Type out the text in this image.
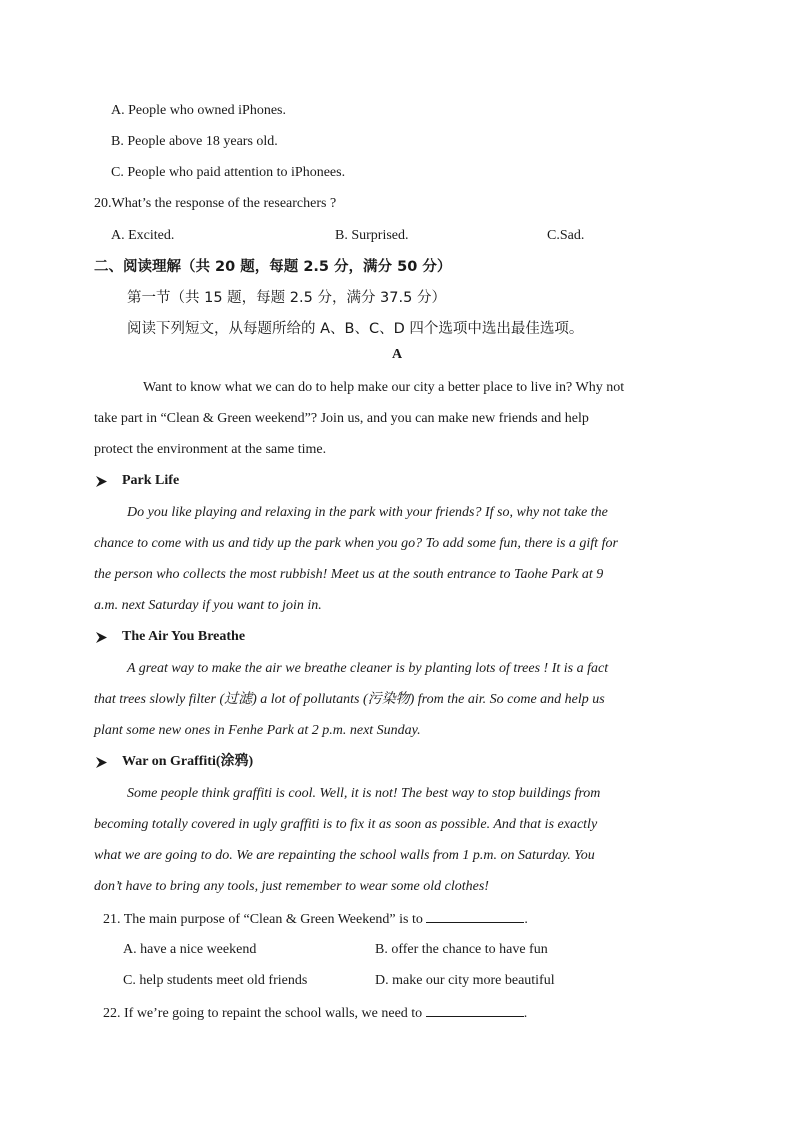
A. People who owned iPhones.
B. People above 18 years old.
C. People who paid attention to iPhonees.
20.What’s the response of the researchers ?
A. Excited.	B. Surprised.	C.Sad.
二、阅读理解（共 20 题，每题 2.5 分，满分 50 分）
第一节（共 15 题，每题 2.5 分，满分 37.5 分）
阅读下列短文，从每题所给的 A、B、C、D 四个选项中选出最佳选项。
A
Want to know what we can do to help make our city a better place to live in? Why not
take part in “Clean & Green weekend”? Join us, and you can make new friends and help
protect the environment at the same time.
Park Life
Do you like playing and relaxing in the park with your friends? If so, why not take the
chance to come with us and tidy up the park when you go? To add some fun, there is a gift for
the person who collects the most rubbish! Meet us at the south entrance to Taohe Park at 9
a.m. next Saturday if you want to join in.
The Air You Breathe
A great way to make the air we breathe cleaner is by planting lots of trees ! It is a fact
that trees slowly filter (过滤) a lot of pollutants (污染物) from the air. So come and help us
plant some new ones in Fenhe Park at 2 p.m. next Sunday.
War on Graffiti(涂鸦)
Some people think graffiti is cool. Well, it is not! The best way to stop buildings from
becoming totally covered in ugly graffiti is to fix it as soon as possible. And that is exactly
what we are going to do. We are repainting the school walls from 1 p.m. on Saturday. You
don’t have to bring any tools, just remember to wear some old clothes!
21. The main purpose of “Clean & Green Weekend” is to	.
A. have a nice weekend	B. offer the chance to have fun
C. help students meet old friends	D. make our city more beautiful
22. If we’re going to repaint the school walls, we need to	.
